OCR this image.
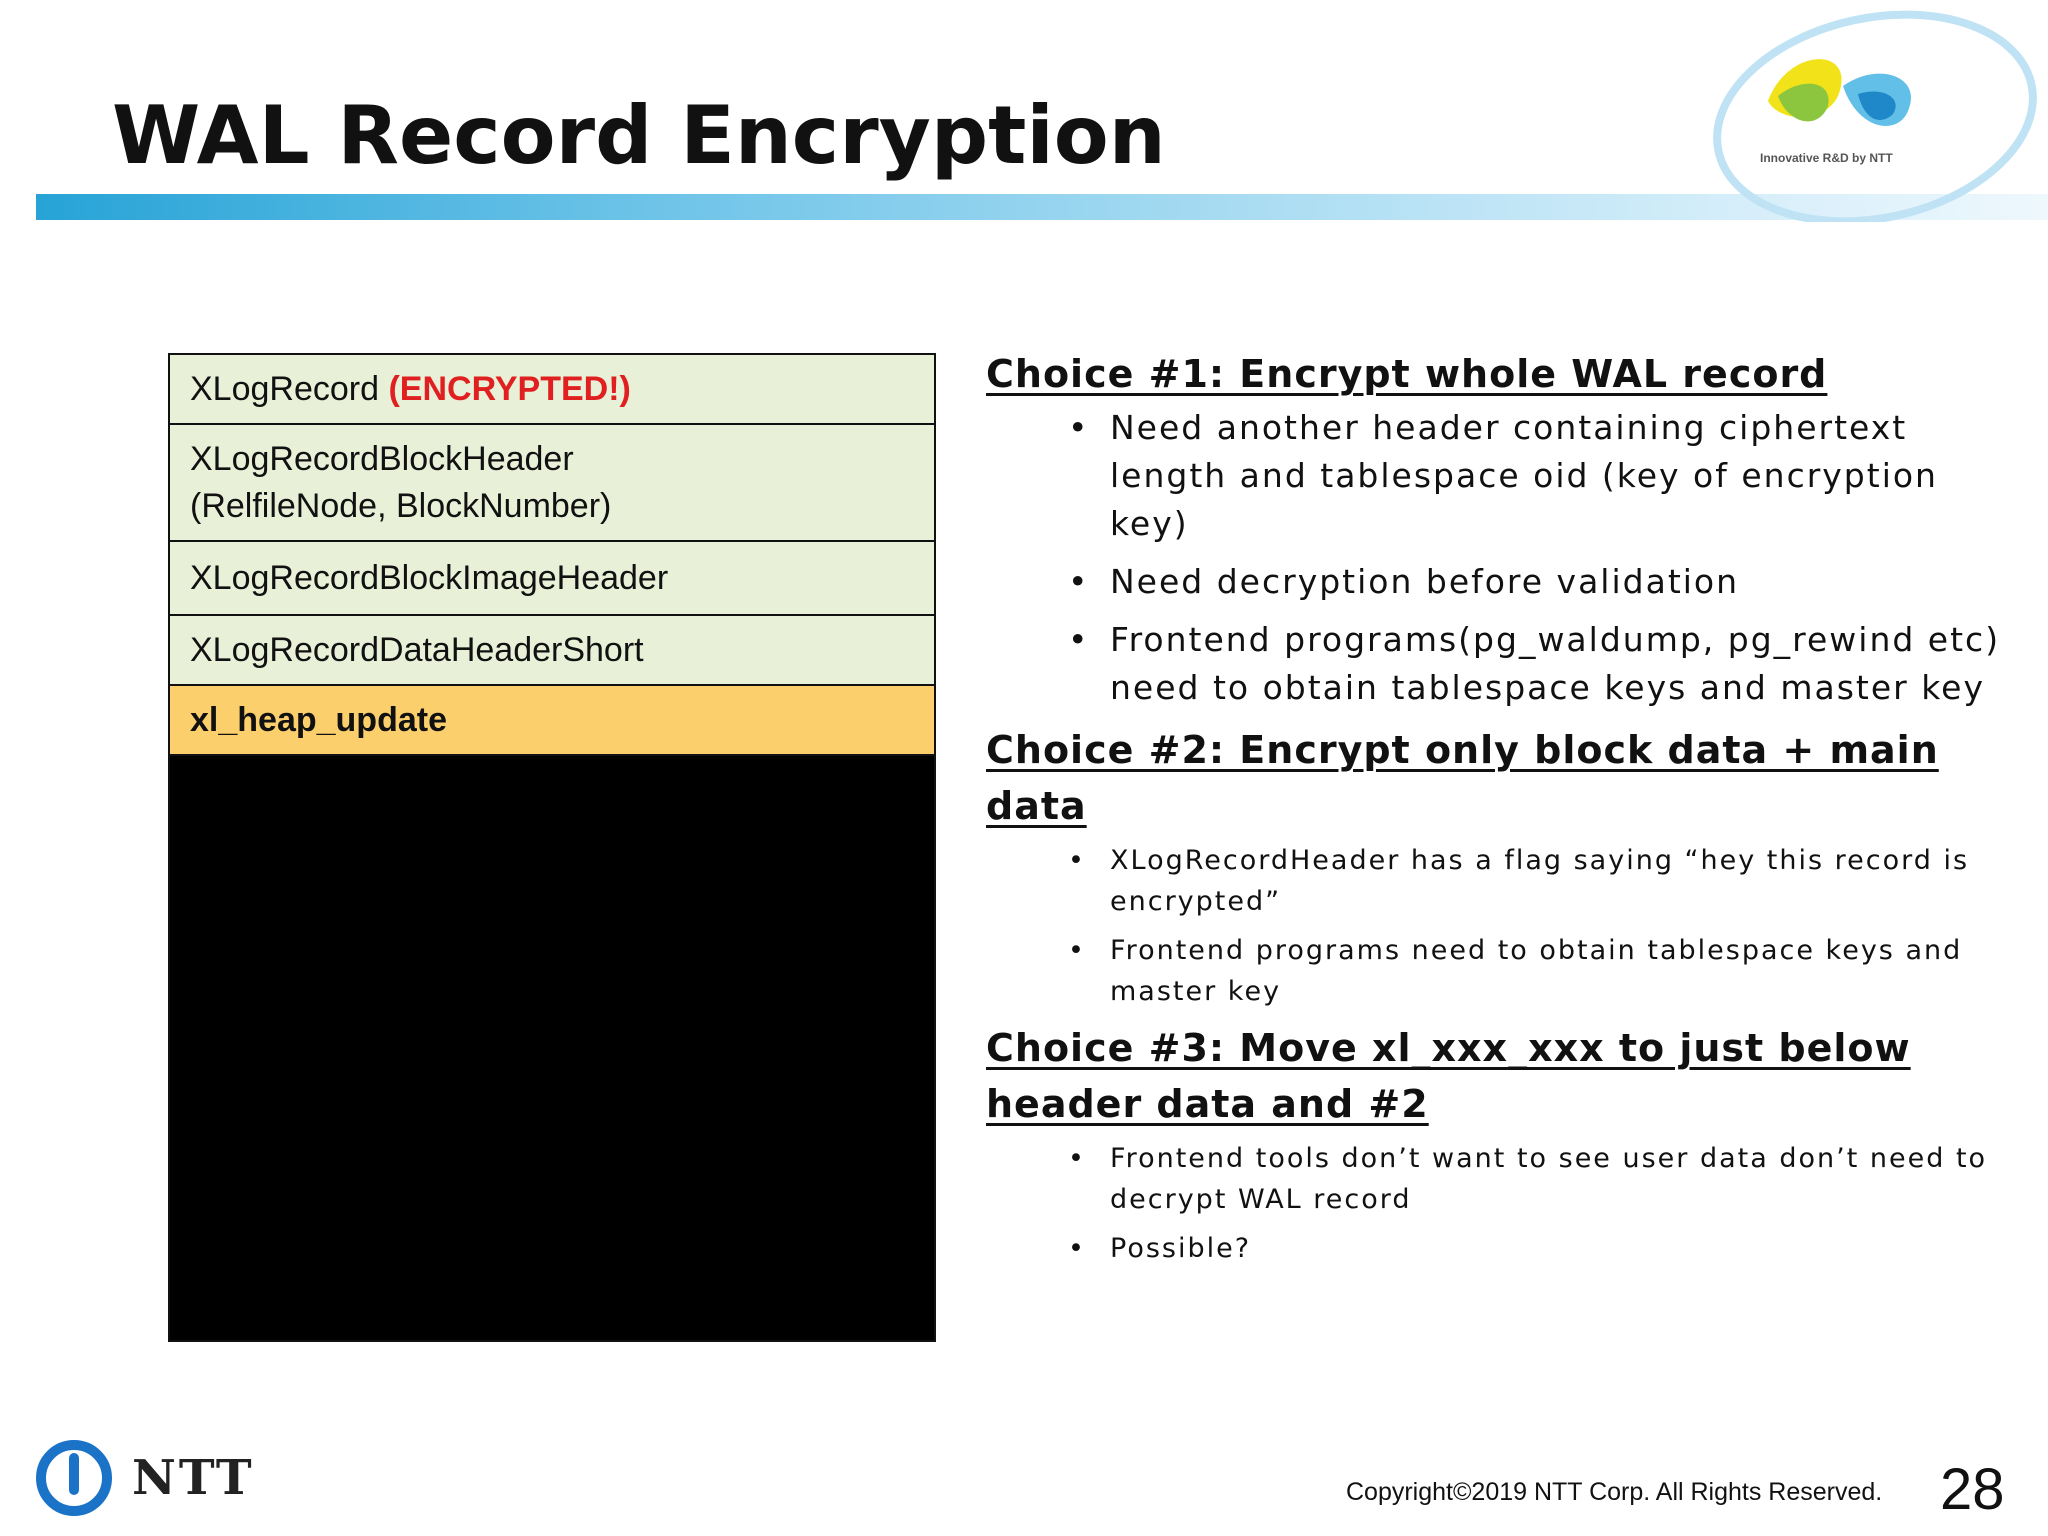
WAL Record Encryption	Innovative R&D by NTT
XLogRecord (ENCRYPTED!)
XLogRecordBlockHeader
(RelfileNode, BlockNumber)
XLogRecordBlockImageHeader
XLogRecordDataHeaderShort
xl_heap_update
Choice #1: Encrypt whole WAL record
• Need another header containing ciphertext length and tablespace oid (key of encryption key)
• Need decryption before validation
• Frontend programs(pg_waldump, pg_rewind etc) need to obtain tablespace keys and master key
Choice #2: Encrypt only block data + main data
• XLogRecordHeader has a flag saying “hey this record is encrypted”
• Frontend programs need to obtain tablespace keys and master key
Choice #3: Move xl_xxx_xxx to just below header data and #2
• Frontend tools don’t want to see user data don’t need to decrypt WAL record
• Possible?
NTT	Copyright©2019 NTT Corp. All Rights Reserved. 28
